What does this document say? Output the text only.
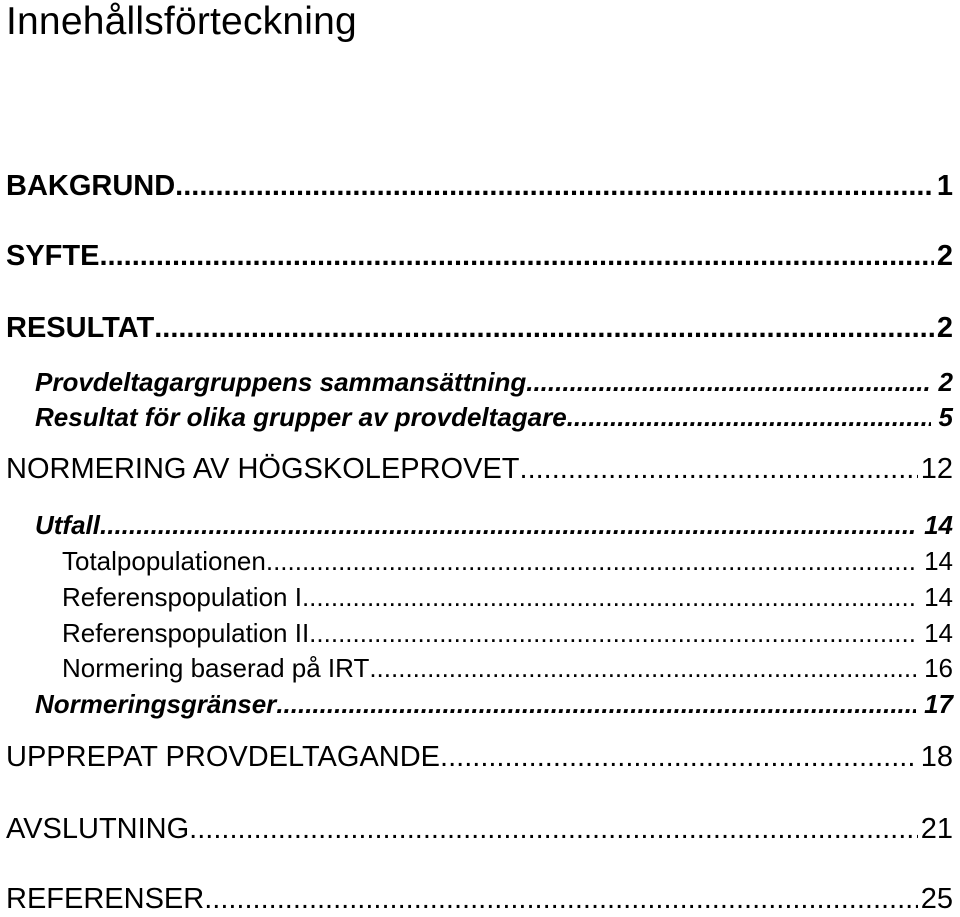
Innehållsförteckning
BAKGRUND .....	1
SYFTE .....	2
RESULTAT .....	2
Provdeltagargruppens sammansättning .....	2
Resultat för olika grupper av provdeltagare .....	5
NORMERING AV HÖGSKOLEPROVET .....	12
Utfall .....	14
Totalpopulationen .....	14
Referenspopulation I .....	14
Referenspopulation II .....	14
Normering baserad på IRT .....	16
Normeringsgränser .....	17
UPPREPAT PROVDELTAGANDE .....	18
AVSLUTNING .....	21
REFERENSER .....	25
